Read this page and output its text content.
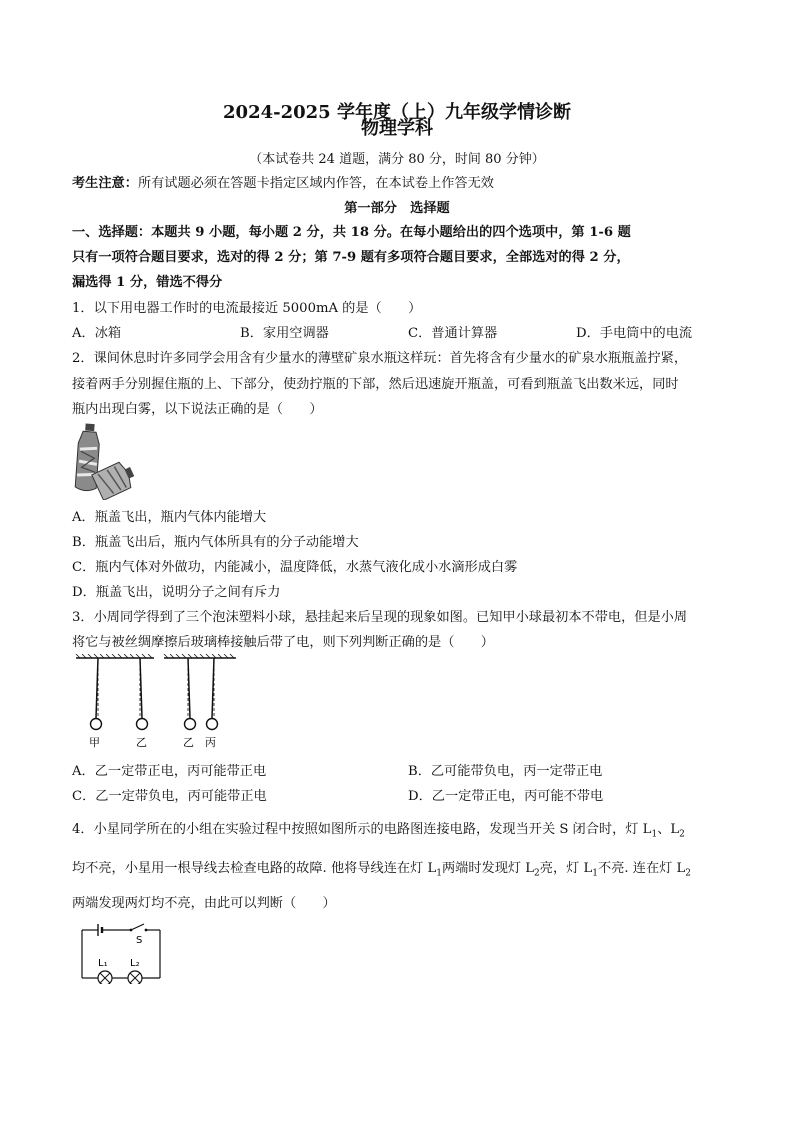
2024-2025 学年度（上）九年级学情诊断
物理学科
（本试卷共 24 道题，满分 80 分，时间 80 分钟）
考生注意：所有试题必须在答题卡指定区域内作答，在本试卷上作答无效
第一部分　选择题
一、选择题：本题共 9 小题，每小题 2 分，共 18 分。在每小题给出的四个选项中，第 1-6 题
只有一项符合题目要求，选对的得 2 分；第 7-9 题有多项符合题目要求，全部选对的得 2 分，
漏选得 1 分，错选不得分
1．以下用电器工作时的电流最接近 5000mA 的是（　　）
A．冰箱	B．家用空调器	C．普通计算器	D．手电筒中的电流
2．课间休息时许多同学会用含有少量水的薄壁矿泉水瓶这样玩：首先将含有少量水的矿泉水瓶瓶盖拧紧，
接着两手分别握住瓶的上、下部分，使劲拧瓶的下部，然后迅速旋开瓶盖，可看到瓶盖飞出数米远，同时
瓶内出现白雾，以下说法正确的是（　　）
A．瓶盖飞出，瓶内气体内能增大
B．瓶盖飞出后，瓶内气体所具有的分子动能增大
C．瓶内气体对外做功，内能减小，温度降低，水蒸气液化成小水滴形成白雾
D．瓶盖飞出，说明分子之间有斥力
3．小周同学得到了三个泡沫塑料小球，悬挂起来后呈现的现象如图。已知甲小球最初本不带电，但是小周
将它与被丝绸摩擦后玻璃棒接触后带了电，则下列判断正确的是（　　）
甲	乙	乙 丙
A．乙一定带正电，丙可能带正电	B．乙可能带负电，丙一定带正电
C．乙一定带负电，丙可能带正电	D．乙一定带正电，丙可能不带电
4．小星同学所在的小组在实验过程中按照如图所示的电路图连接电路，发现当开关 S 闭合时，灯 $L_1$、$L_2$
均不亮，小星用一根导线去检查电路的故障. 他将导线连在灯 $L_1$两端时发现灯 $L_2$亮，灯 $L_1$不亮. 连在灯 $L_2$
两端发现两灯均不亮，由此可以判断（　　）
S
L₁ L₂
